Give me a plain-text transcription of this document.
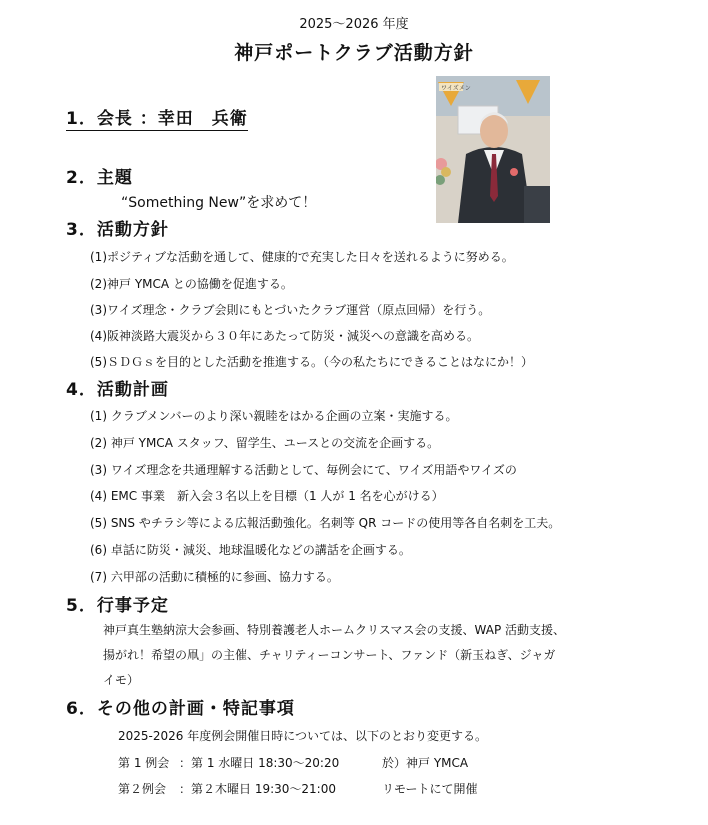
2025～2026 年度
神戸ポートクラブ活動方針
1．会長 ：幸田　兵衛
ワイズメン
2．主題
“Something New”を求めて！
3．活動方針
(1)ポジティブな活動を通して、健康的で充実した日々を送れるように努める。
(2)神戸 YMCA との協働を促進する。
(3)ワイズ理念・クラブ会則にもとづいたクラブ運営（原点回帰）を行う。
(4)阪神淡路大震災から３０年にあたって防災・減災への意識を高める。
(5)ＳＤＧｓを目的とした活動を推進する。（今の私たちにできることはなにか！）
4．活動計画
(1) クラブメンバーのより深い親睦をはかる企画の立案・実施する。
(2) 神戸 YMCA スタッフ、留学生、ユースとの交流を企画する。
(3) ワイズ理念を共通理解する活動として、毎例会にて、ワイズ用語やワイズの
(4) EMC 事業　新入会３名以上を目標（1 人が 1 名を心がける）
(5) SNS やチラシ等による広報活動強化。名刺等 QR コードの使用等各自名刺を工夫。
(6) 卓話に防災・減災、地球温暖化などの講話を企画する。
(7) 六甲部の活動に積極的に参画、協力する。
5．行事予定
神戸真生塾納涼大会参画、特別養護老人ホームクリスマス会の支援、WAP 活動支援、
揚がれ！希望の凧」の主催、チャリティーコンサート、ファンド（新玉ねぎ、ジャガ
イモ）
6．その他の計画・特記事項
2025-2026 年度例会開催日時については、以下のとおり変更する。
第 1 例会 ：第 1 水曜日 18:30～20:20	於）神戸 YMCA
第２例会 ：第２木曜日 19:30～21:00	リモートにて開催
